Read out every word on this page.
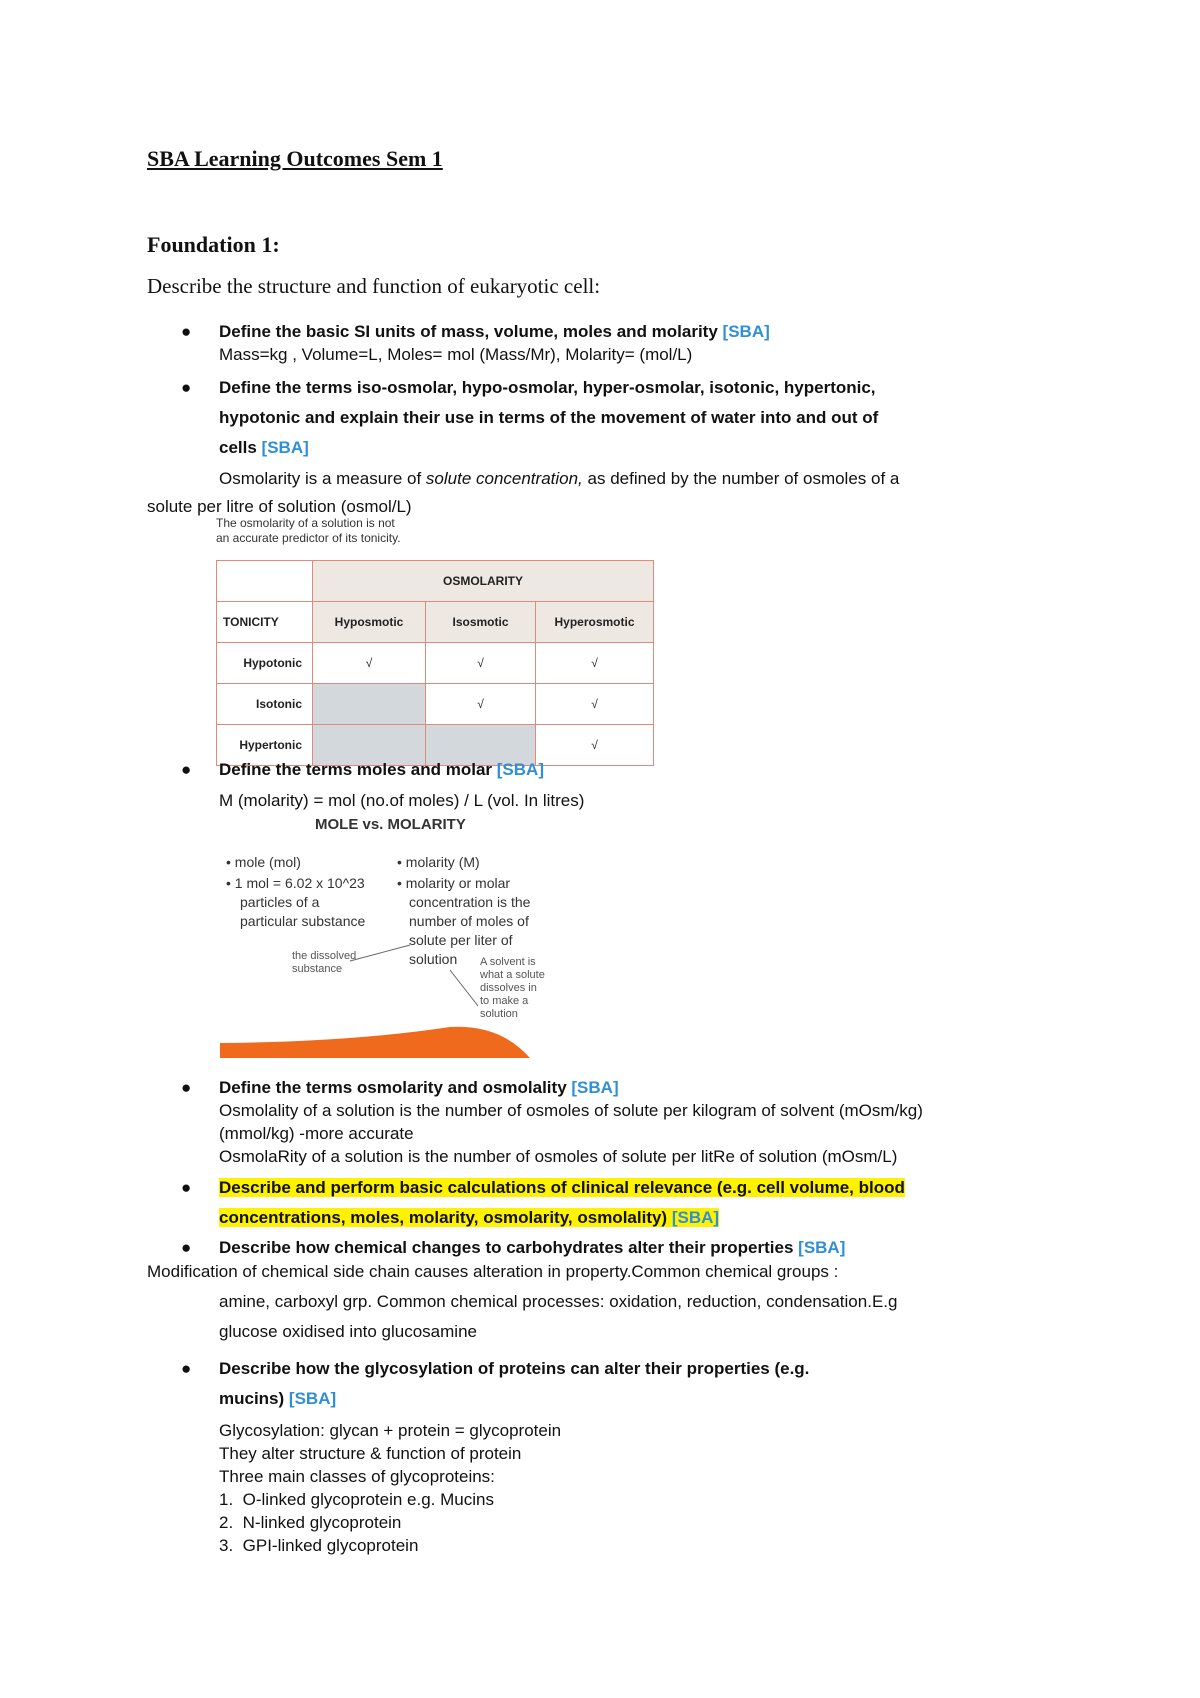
SBA Learning Outcomes Sem 1
Foundation 1:
Describe the structure and function of eukaryotic cell:
● Define the basic SI units of mass, volume, moles and molarity [SBA]
Mass=kg , Volume=L, Moles= mol (Mass/Mr), Molarity= (mol/L)
● Define the terms iso-osmolar, hypo-osmolar, hyper-osmolar, isotonic, hypertonic,
hypotonic and explain their use in terms of the movement of water into and out of
cells [SBA]
Osmolarity is a measure of solute concentration, as defined by the number of osmoles of a
solute per litre of solution (osmol/L)
The osmolarity of a solution is not
an accurate predictor of its tonicity.
	OSMOLARITY		
TONICITY	Hyposmotic	Isosmotic	Hyperosmotic
Hypotonic	√	√	√
Isotonic		√	√
Hypertonic			√
● Define the terms moles and molar [SBA]
M (molarity) = mol (no.of moles) / L (vol. In litres)
MOLE vs. MOLARITY
• mole (mol)
• 1 mol = 6.02 x 10^23
particles of a
particular substance
• molarity (M)
• molarity or molar
concentration is the
number of moles of
solute per liter of
solution
the dissolved
substance
A solvent is
what a solute
dissolves in
to make a
solution
● Define the terms osmolarity and osmolality [SBA]
Osmolality of a solution is the number of osmoles of solute per kilogram of solvent (mOsm/kg)
(mmol/kg) -more accurate
OsmolaRity of a solution is the number of osmoles of solute per litRe of solution (mOsm/L)
● Describe and perform basic calculations of clinical relevance (e.g. cell volume, blood
concentrations, moles, molarity, osmolarity, osmolality) [SBA]
● Describe how chemical changes to carbohydrates alter their properties [SBA]
Modification of chemical side chain causes alteration in property.Common chemical groups :
amine, carboxyl grp. Common chemical processes: oxidation, reduction, condensation.E.g
glucose oxidised into glucosamine
● Describe how the glycosylation of proteins can alter their properties (e.g.
mucins) [SBA]
Glycosylation: glycan + protein = glycoprotein
They alter structure & function of protein
Three main classes of glycoproteins:
1. O-linked glycoprotein e.g. Mucins
2. N-linked glycoprotein
3. GPI-linked glycoprotein
